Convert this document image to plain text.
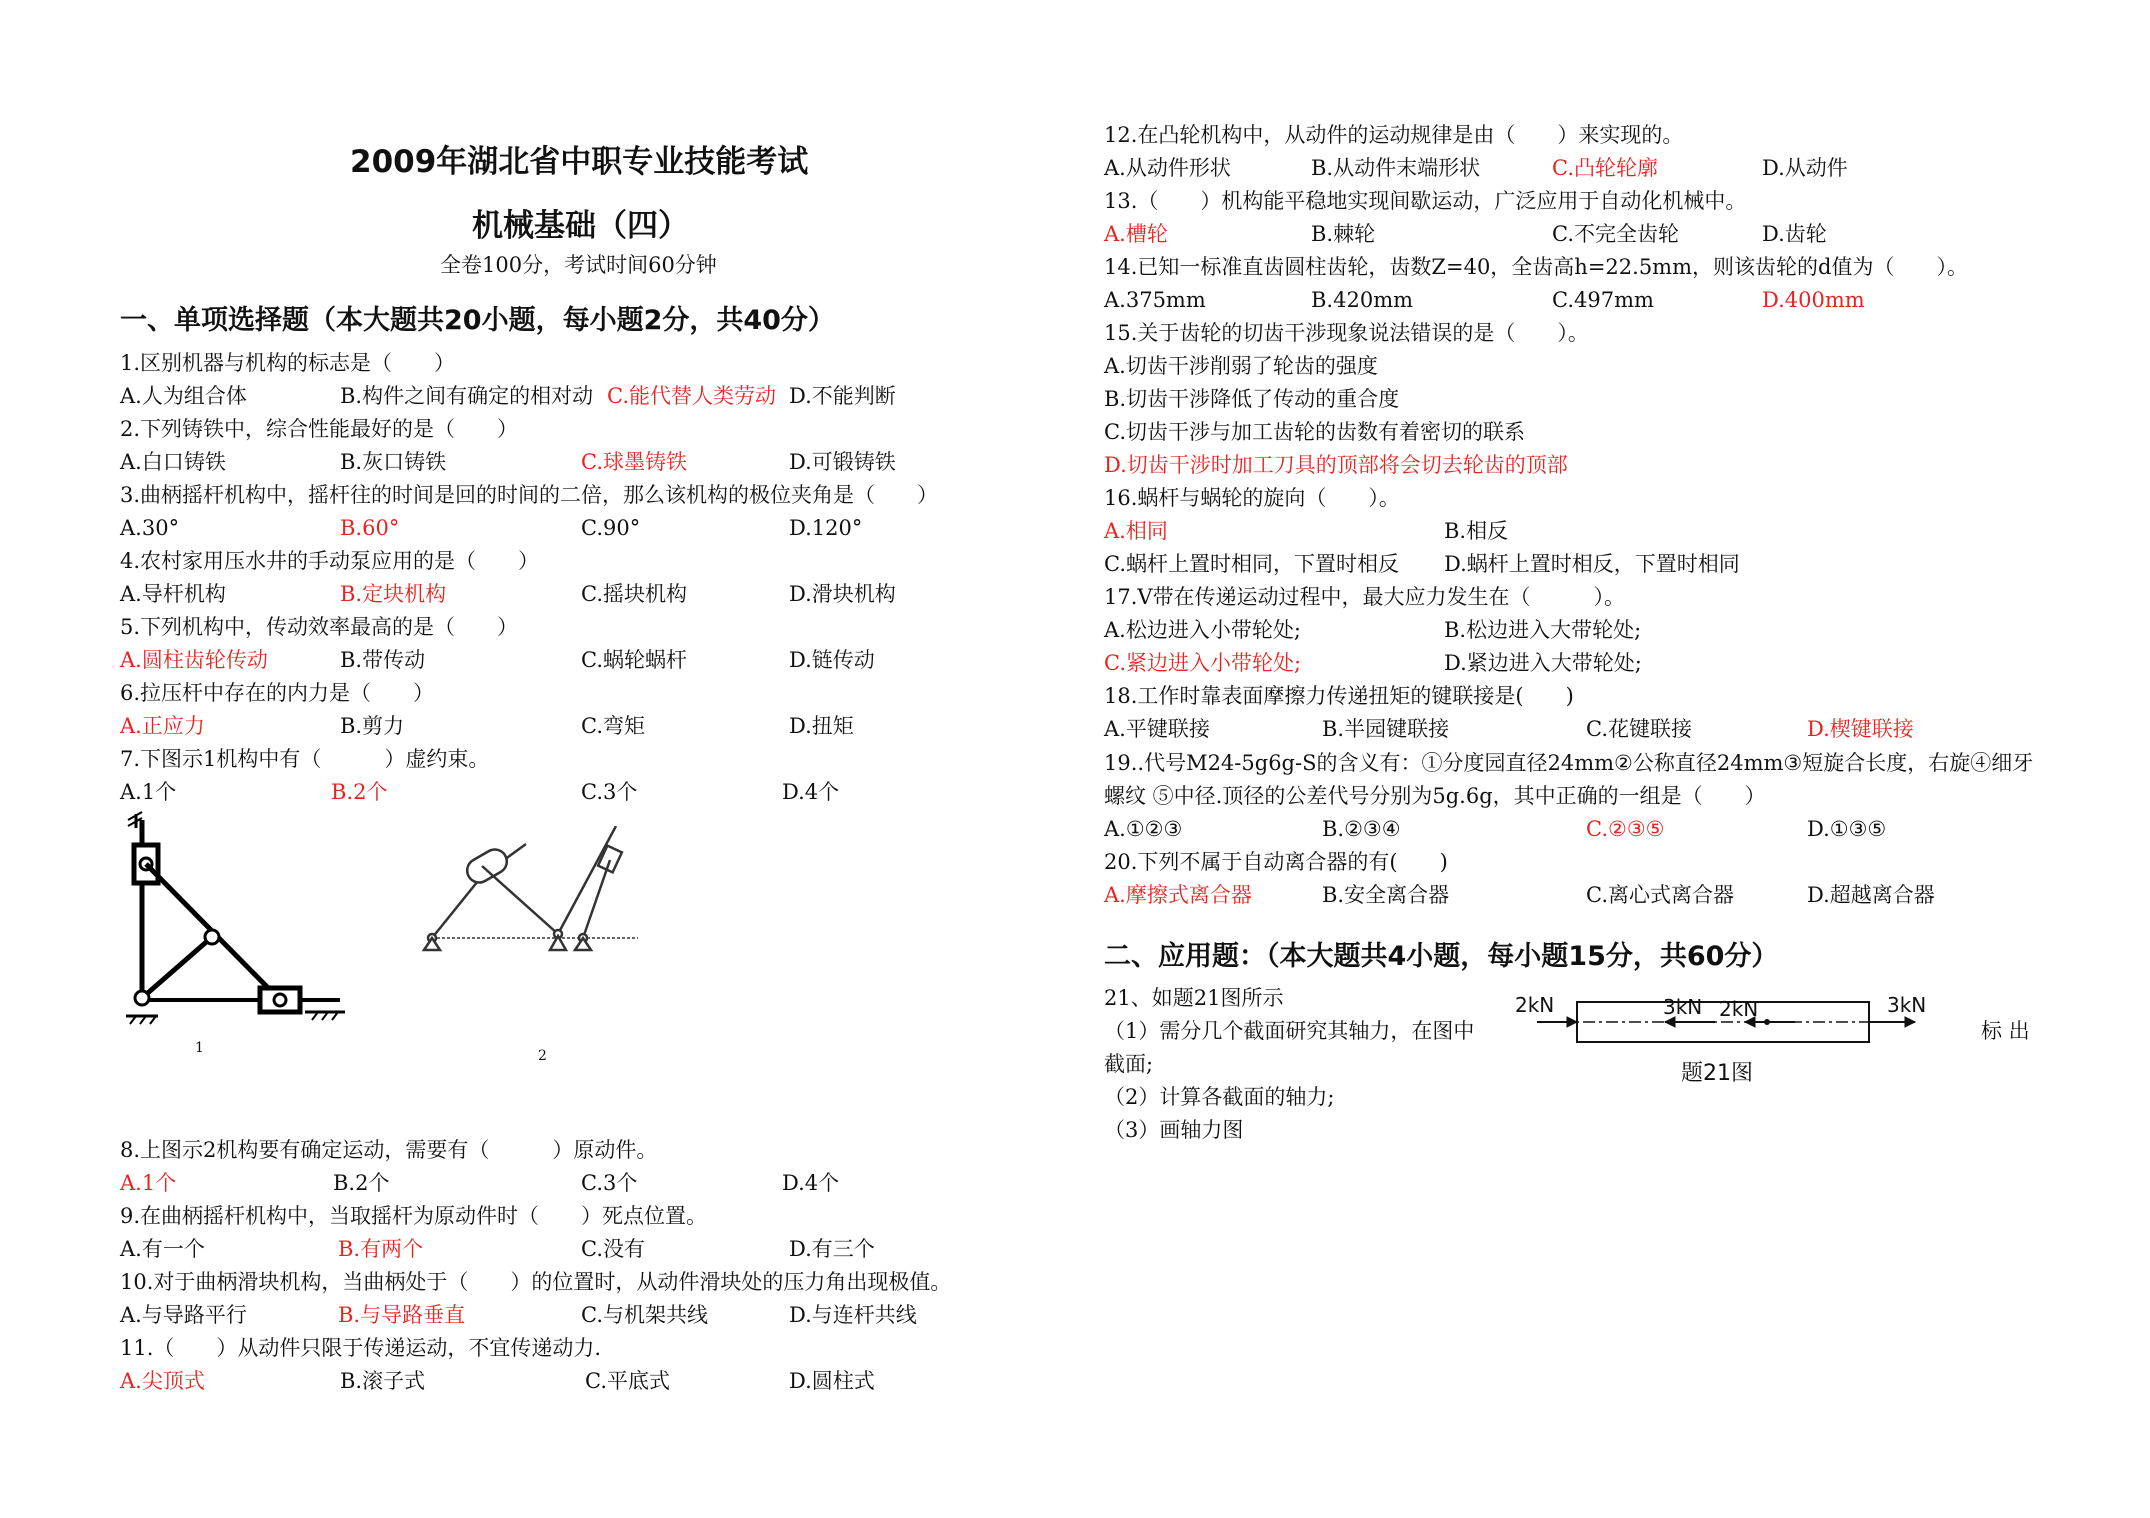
2009年湖北省中职专业技能考试
机械基础（四）
全卷100分，考试时间60分钟
一、单项选择题（本大题共20小题，每小题2分，共40分）
1.区别机器与机构的标志是（　　）
A.人为组合体	B.构件之间有确定的相对动 C.能代替人类劳动 D.不能判断
2.下列铸铁中，综合性能最好的是（　　）
A.白口铸铁	B.灰口铸铁	C.球墨铸铁	D.可锻铸铁
3.曲柄摇杆机构中，摇杆往的时间是回的时间的二倍，那么该机构的极位夹角是（　　）
A.30°	B.60°	C.90°	D.120°
4.农村家用压水井的手动泵应用的是（　　）
A.导杆机构	B.定块机构	C.摇块机构	D.滑块机构
5.下列机构中，传动效率最高的是（　　）
A.圆柱齿轮传动	B.带传动	C.蜗轮蜗杆	D.链传动
6.拉压杆中存在的内力是（　　）
A.正应力	B.剪力	C.弯矩	D.扭矩
7.下图示1机构中有（　　　）虚约束。
A.1个	B.2个	C.3个	D.4个
1	2
8.上图示2机构要有确定运动，需要有（　　　）原动件。
A.1个	B.2个	C.3个	D.4个
9.在曲柄摇杆机构中，当取摇杆为原动件时（　　）死点位置。
A.有一个	B.有两个	C.没有	D.有三个
10.对于曲柄滑块机构，当曲柄处于（　　）的位置时，从动件滑块处的压力角出现极值。
A.与导路平行	B.与导路垂直	C.与机架共线	D.与连杆共线
11.（　　）从动件只限于传递运动，不宜传递动力.
A.尖顶式	B.滚子式	C.平底式	D.圆柱式
12.在凸轮机构中，从动件的运动规律是由（　　）来实现的。
A.从动件形状	B.从动件末端形状	C.凸轮轮廓	D.从动件
13.（　　）机构能平稳地实现间歇运动，广泛应用于自动化机械中。
A.槽轮	B.棘轮	C.不完全齿轮	D.齿轮
14.已知一标准直齿圆柱齿轮，齿数Z=40，全齿高h=22.5mm，则该齿轮的d值为（　　）。
A.375mm	B.420mm	C.497mm	D.400mm
15.关于齿轮的切齿干涉现象说法错误的是（　　）。
A.切齿干涉削弱了轮齿的强度
B.切齿干涉降低了传动的重合度
C.切齿干涉与加工齿轮的齿数有着密切的联系
D.切齿干涉时加工刀具的顶部将会切去轮齿的顶部
16.蜗杆与蜗轮的旋向（　　）。
A.相同	B.相反
C.蜗杆上置时相同，下置时相反 D.蜗杆上置时相反，下置时相同
17.V带在传递运动过程中，最大应力发生在（　　　）。
A.松边进入小带轮处;	B.松边进入大带轮处;
C.紧边进入小带轮处;	D.紧边进入大带轮处;
18.工作时靠表面摩擦力传递扭矩的键联接是(　　)
A.平键联接	B.半园键联接	C.花键联接	D.楔键联接
19..代号M24-5g6g-S的含义有：①分度园直径24mm②公称直径24mm③短旋合长度，右旋④细牙
螺纹 ⑤中径.顶径的公差代号分别为5g.6g，其中正确的一组是（　　）
A.①②③	B.②③④	C.②③⑤	D.①③⑤
20.下列不属于自动离合器的有(　　)
A.摩擦式离合器	B.安全离合器	C.离心式离合器	D.超越离合器
二、应用题：（本大题共4小题，每小题15分，共60分）
21、如题21图所示
（1）需分几个截面研究其轴力，在图中	标 出
截面;
（2）计算各截面的轴力;
（3）画轴力图
2kN	3kN 2kN	3kN
题21图
